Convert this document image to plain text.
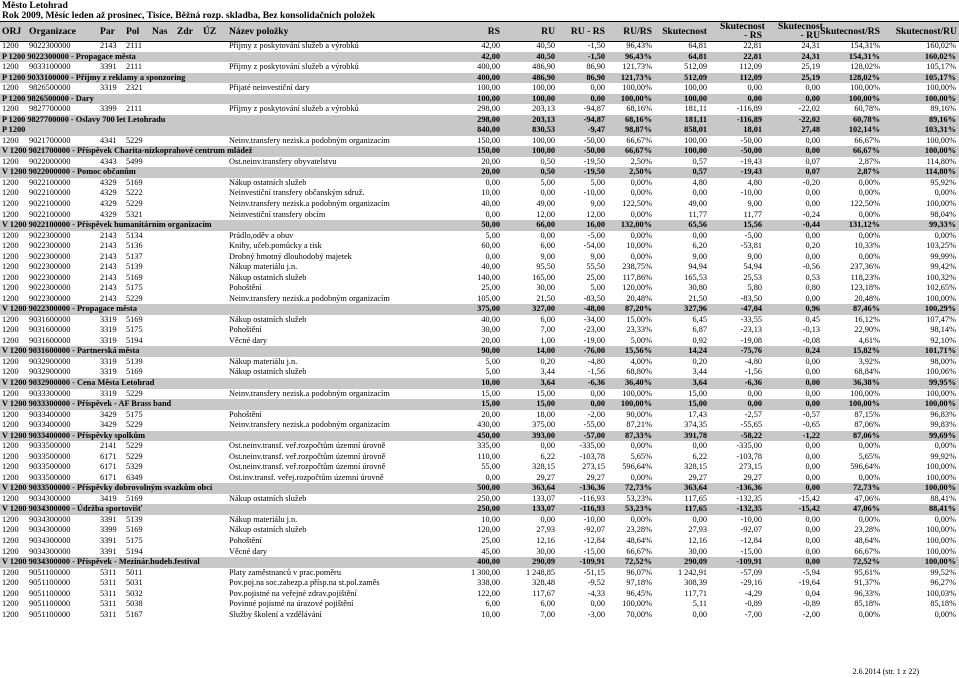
Město Letohrad
Rok 2009, Měsíc leden až prosinec, Tisíce, Běžná rozp. skladba, Bez konsolidačních položek
ORJ Organizace	Par Pol Nas Zdr ÚZ Název položky	RS	RU	RU - RS	RU/RS	Skutecnost Skutecnost - RS
Skutecnost - RU Skutecnost/RS	Skutecnost/RU
1200 9022300000	2143 2111	Příjmy z poskytování služeb a výrobků	42,00	40,50	-1,50	96,43%	64,81	22,81	24,31	154,31%	160,02%
P 1200 9022300000 - Propagace města	42,00	40,50	-1,50 96,43%	64,81	22,81	24,31	154,31%	160,02%
1200 9033100000	3391 2111	Příjmy z poskytování služeb a výrobků	400,00	486,90	86,90 121,73%	512,09	112,09	25,19	128,02%	105,17%
P 1200 9033100000 - Příjmy z reklamy a sponzoring	400,00	486,90	86,90 121,73%	512,09	112,09	25,19	128,02%	105,17%
1200 9826500000	3319 2321	Přijaté neinvestiční dary	100,00	100,00	0,00 100,00%	100,00	0,00	0,00	100,00%	100,00%
P 1200 9826500000 - Dary	100,00	100,00	0,00 100,00%	100,00	0,00	0,00	100,00%	100,00%
1200 9827700000	3399 2111	Příjmy z poskytování služeb a výrobků	298,00	203,13	-94,87	68,16%	181,11	-116,89	-22,02	60,78%	89,16%
P 1200 9827700000 - Oslavy 700 let Letohradu	298,00	203,13	-94,87 68,16%	181,11	-116,89	-22,02	60,78%	89,16%
P 1200	840,00	830,53	-9,47 98,87%	858,01	18,01	27,48	102,14%	103,31%
1200 9021700000	4341 5229	Neinv.transfery nezisk.a podobným organizacím	150,00	100,00	-50,00	66,67%	100,00	-50,00	0,00	66,67%	100,00%
V 1200 9021700000 - Příspěvek Charita-nízkoprahové centrum mládež	150,00	100,00	-50,00 66,67%	100,00	-50,00	0,00	66,67%	100,00%
1200 9022000000	4343 5499	Ost.neinv.transfery obyvatelstvu	20,00	0,50	-19,50	2,50%	0,57	-19,43	0,07	2,87%	114,80%
V 1200 9022000000 - Pomoc občanům	20,00	0,50	-19,50	2,50%	0,57	-19,43	0,07	2,87%	114,80%
1200 9022100000	4329 5169	Nákup ostatních služeb	0,00	5,00	5,00	0,00%	4,80	4,80	-0,20	0,00%	95,92%
1200 9022100000	4329 5222	Neinvestiční transfery občanským sdruž.	10,00	0,00	-10,00	0,00%	0,00	-10,00	0,00	0,00%	0,00%
1200 9022100000	4329 5229	Neinv.transfery nezisk.a podobným organizacím	40,00	49,00	9,00 122,50%	49,00	9,00	0,00	122,50%	100,00%
1200 9022100000	4329 5321	Neinvestiční transfery obcím	0,00	12,00	12,00	0,00%	11,77	11,77	-0,24	0,00%	98,04%
V 1200 9022100000 - Příspěvek humanitárním organizacím	50,00	66,00	16,00 132,00%	65,56	15,56	-0,44	131,12%	99,33%
1200 9022300000	2143 5134	Prádlo,oděv a obuv	5,00	0,00	-5,00	0,00%	0,00	-5,00	0,00	0,00%	0,00%
1200 9022300000	2143 5136	Knihy, učeb.pomůcky a tisk	60,00	6,00	-54,00	10,00%	6,20	-53,81	0,20	10,33%	103,25%
1200 9022300000	2143 5137	Drobný hmotný dlouhodobý majetek	0,00	9,00	9,00	0,00%	9,00	9,00	0,00	0,00%	99,99%
1200 9022300000	2143 5139	Nákup materiálu j.n.	40,00	95,50	55,50 238,75%	94,94	54,94	-0,56	237,36%	99,42%
1200 9022300000	2143 5169	Nákup ostatních služeb	140,00	165,00	25,00 117,86%	165,53	25,53	0,53	118,23%	100,32%
1200 9022300000	2143 5175	Pohoštění	25,00	30,00	5,00 120,00%	30,80	5,80	0,80	123,18%	102,65%
1200 9022300000	2143 5229	Neinv.transfery nezisk.a podobným organizacím	105,00	21,50	-83,50	20,48%	21,50	-83,50	0,00	20,48%	100,00%
V 1200 9022300000 - Propagace města	375,00	327,00	-48,00 87,20%	327,96	-47,04	0,96	87,46%	100,29%
1200 9031600000	3319 5169	Nákup ostatních služeb	40,00	6,00	-34,00	15,00%	6,45	-33,55	0,45	16,12%	107,47%
1200 9031600000	3319 5175	Pohoštění	30,00	7,00	-23,00	23,33%	6,87	-23,13	-0,13	22,90%	98,14%
1200 9031600000	3319 5194	Věcné dary	20,00	1,00	-19,00	5,00%	0,92	-19,08	-0,08	4,61%	92,10%
V 1200 9031600000 - Partnerská města	90,00	14,00	-76,00 15,56%	14,24	-75,76	0,24	15,82%	101,71%
1200 9032900000	3319 5139	Nákup materiálu j.n.	5,00	0,20	-4,80	4,00%	0,20	-4,80	0,00	3,92%	98,00%
1200 9032900000	3319 5169	Nákup ostatních služeb	5,00	3,44	-1,56	68,80%	3,44	-1,56	0,00	68,84%	100,06%
V 1200 9032900000 - Cena Města Letohrad	10,00	3,64	-6,36 36,40%	3,64	-6,36	0,00	36,38%	99,95%
1200 9033300000	3319 5229	Neinv.transfery nezisk.a podobným organizacím	15,00	15,00	0,00 100,00%	15,00	0,00	0,00	100,00%	100,00%
V 1200 9033300000 - Příspěvek - AF Brass band	15,00	15,00	0,00 100,00%	15,00	0,00	0,00	100,00%	100,00%
1200 9033400000	3429 5175	Pohoštění	20,00	18,00	-2,00	90,00%	17,43	-2,57	-0,57	87,15%	96,83%
1200 9033400000	3429 5229	Neinv.transfery nezisk.a podobným organizacím	430,00	375,00	-55,00	87,21%	374,35	-55,65	-0,65	87,06%	99,83%
V 1200 9033400000 - Příspěvky spolkům	450,00	393,00	-57,00 87,33%	391,78	-58,22	-1,22	87,06%	99,69%
1200 9033500000	2141 5229	Ost.neinv.transf. veř.rozpočtům územní úrovně	335,00	0,00	-335,00	0,00%	0,00	-335,00	0,00	0,00%	0,00%
1200 9033500000	6171 5229	Ost.neinv.transf. veř.rozpočtům územní úrovně	110,00	6,22	-103,78	5,65%	6,22	-103,78	0,00	5,65%	99,92%
1200 9033500000	6171 5329	Ost.neinv.transf. veř.rozpočtům územní úrovně	55,00	328,15	273,15 596,64%	328,15	273,15	0,00	596,64%	100,00%
1200 9033500000	6171 6349	Ost.inv.transf. veřej.rozpočtům územní úrovně	0,00	29,27	29,27	0,00%	29,27	29,27	0,00	0,00%	100,00%
V 1200 9033500000 - Příspěvky dobrovolným svazkům obcí	500,00	363,64	-136,36 72,73%	363,64	-136,36	0,00	72,73%	100,00%
1200 9034300000	3419 5169	Nákup ostatních služeb	250,00	133,07	-116,93	53,23%	117,65	-132,35	-15,42	47,06%	88,41%
V 1200 9034300000 - Údržba sportovišť	250,00	133,07	-116,93 53,23%	117,65	-132,35	-15,42	47,06%	88,41%
1200 9034300000	3391 5139	Nákup materiálu j.n.	10,00	0,00	-10,00	0,00%	0,00	-10,00	0,00	0,00%	0,00%
1200 9034300000	3399 5169	Nákup ostatních služeb	120,00	27,93	-92,07	23,28%	27,93	-92,07	0,00	23,28%	100,00%
1200 9034300000	3391 5175	Pohoštění	25,00	12,16	-12,84	48,64%	12,16	-12,84	0,00	48,64%	100,00%
1200 9034300000	3391 5194	Věcné dary	45,00	30,00	-15,00	66,67%	30,00	-15,00	0,00	66,67%	100,00%
V 1200 9034300000 - Příspěvek - Mezinár.hudeb.festival	400,00	290,09	-109,91 72,52%	290,09	-109,91	0,00	72,52%	100,00%
1200 9051100000	5311 5011	Platy zaměstnanců v prac.poměru	1 300,00	1 248,85	-51,15	96,07%	1 242,91	-57,09	-5,94	95,61%	99,52%
1200 9051100000	5311 5031	Pov.poj.na soc.zabezp.a přísp.na st.pol.zaměs	338,00	328,48	-9,52	97,18%	308,39	-29,16	-19,64	91,37%	96,27%
1200 9051100000	5311 5032	Pov.pojistné na veřejné zdrav.pojištění	122,00	117,67	-4,33	96,45%	117,71	-4,29	0,04	96,33%	100,03%
1200 9051100000	5311 5038	Povinné pojistné na úrazové pojištění	6,00	6,00	0,00 100,00%	5,11	-0,89	-0,89	85,18%	85,18%
1200 9051100000	5311 5167	Služby školení a vzdělávání	10,00	7,00	-3,00	70,00%	0,00	-7,00	-2,00	0,00%	0,00%
2.6.2014 (str. 1 z 22)
